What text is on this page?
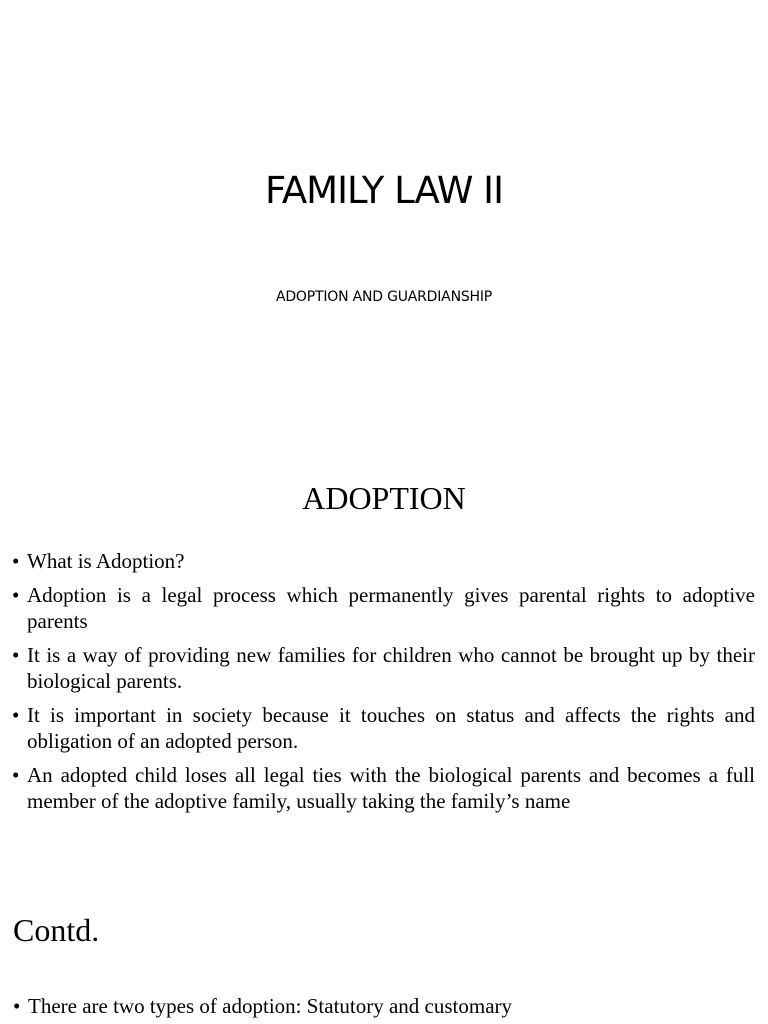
FAMILY LAW II
ADOPTION AND GUARDIANSHIP
ADOPTION
• What is Adoption?
• Adoption is a legal process which permanently gives parental rights to adoptive parents
• It is a way of providing new families for children who cannot be brought up by their biological parents.
• It is important in society because it touches on status and affects the rights and obligation of an adopted person.
• An adopted child loses all legal ties with the biological parents and becomes a full member of the adoptive family, usually taking the family’s name
Contd.
• There are two types of adoption: Statutory and customary
